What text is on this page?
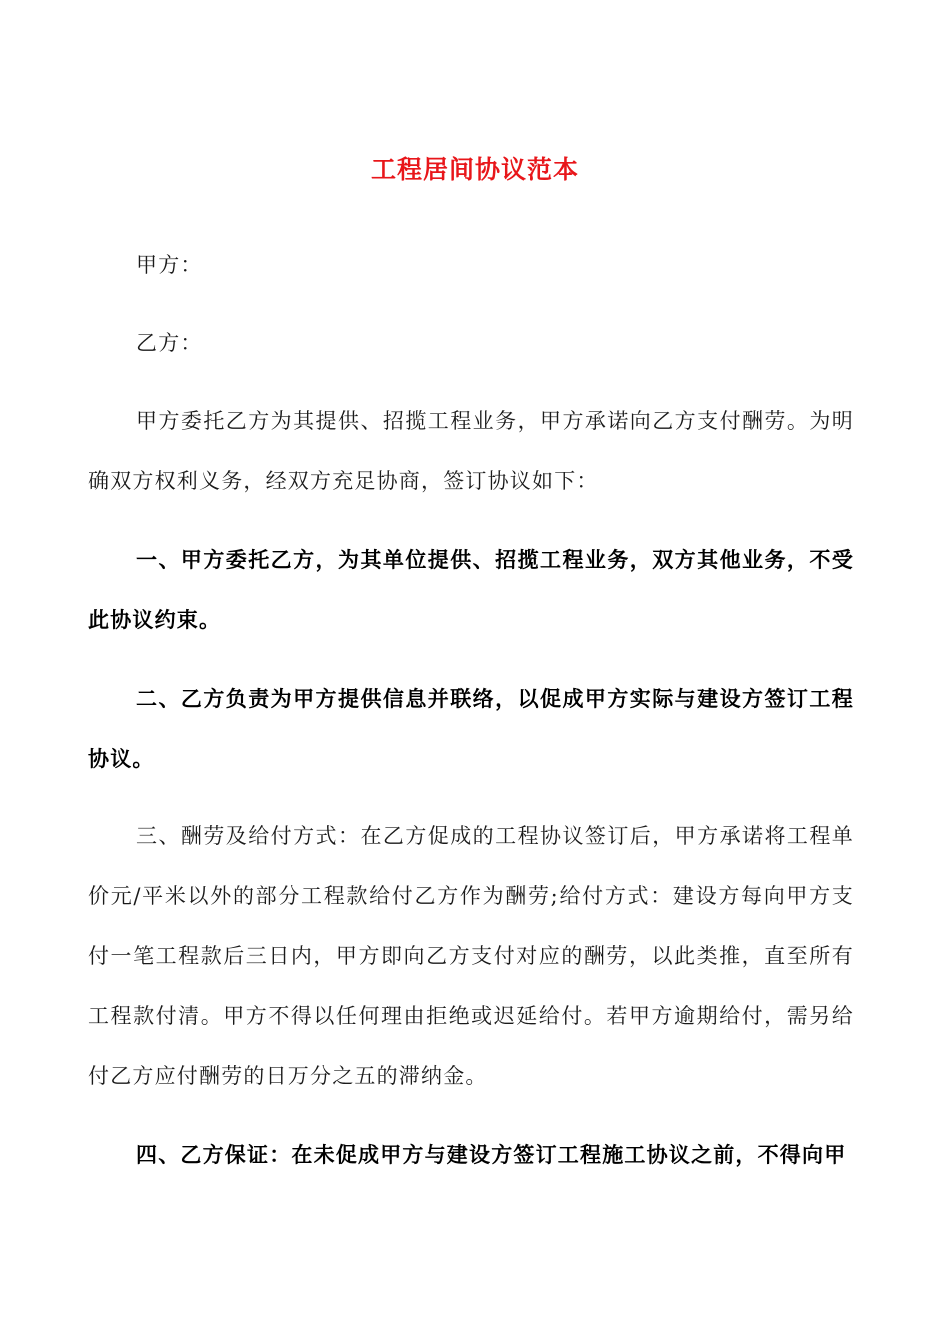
工程居间协议范本

甲方：

乙方：

甲方委托乙方为其提供、招揽工程业务，甲方承诺向乙方支付酬劳。为明确双方权利义务，经双方充足协商，签订协议如下：

一、甲方委托乙方，为其单位提供、招揽工程业务，双方其他业务，不受此协议约束。

二、乙方负责为甲方提供信息并联络，以促成甲方实际与建设方签订工程协议。

三、酬劳及给付方式：在乙方促成的工程协议签订后，甲方承诺将工程单价元/平米以外的部分工程款给付乙方作为酬劳;给付方式：建设方每向甲方支付一笔工程款后三日内，甲方即向乙方支付对应的酬劳，以此类推，直至所有工程款付清。甲方不得以任何理由拒绝或迟延给付。若甲方逾期给付，需另给付乙方应付酬劳的日万分之五的滞纳金。

四、乙方保证：在未促成甲方与建设方签订工程施工协议之前，不得向甲
